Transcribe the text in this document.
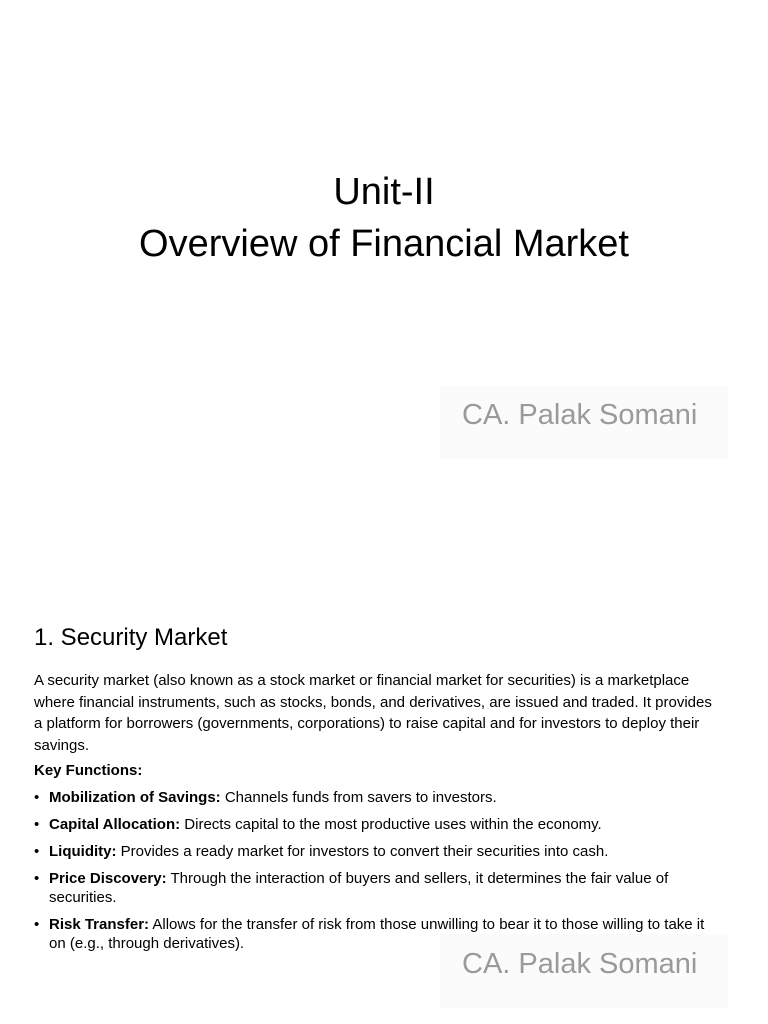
Unit-II
Overview of Financial Market
CA. Palak Somani
1. Security Market

A security market (also known as a stock market or financial market for securities) is a marketplace where financial instruments, such as stocks, bonds, and derivatives, are issued and traded. It provides a platform for borrowers (governments, corporations) to raise capital and for investors to deploy their savings.

Key Functions:

• Mobilization of Savings: Channels funds from savers to investors.
• Capital Allocation: Directs capital to the most productive uses within the economy.
• Liquidity: Provides a ready market for investors to convert their securities into cash.
• Price Discovery: Through the interaction of buyers and sellers, it determines the fair value of securities.
• Risk Transfer: Allows for the transfer of risk from those unwilling to bear it to those willing to take it on (e.g., through derivatives).
CA. Palak Somani
